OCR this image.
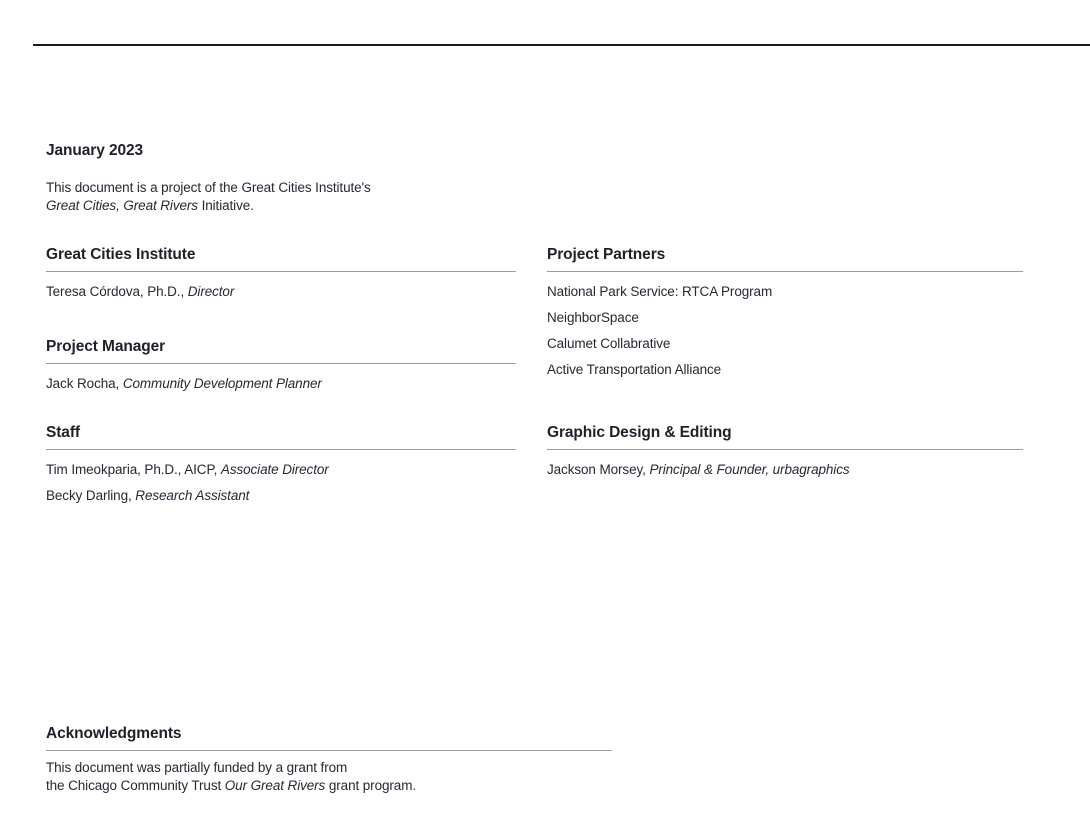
January 2023

This document is a project of the Great Cities Institute's
Great Cities, Great Rivers Initiative.

Great Cities Institute

Teresa Córdova, Ph.D., Director

Project Manager

Jack Rocha, Community Development Planner

Staff

Tim Imeokparia, Ph.D., AICP, Associate Director

Becky Darling, Research Assistant

Project Partners

National Park Service: RTCA Program

NeighborSpace

Calumet Collabrative

Active Transportation Alliance

Graphic Design & Editing

Jackson Morsey, Principal & Founder, urbagraphics

Acknowledgments

This document was partially funded by a grant from
the Chicago Community Trust Our Great Rivers grant program.
